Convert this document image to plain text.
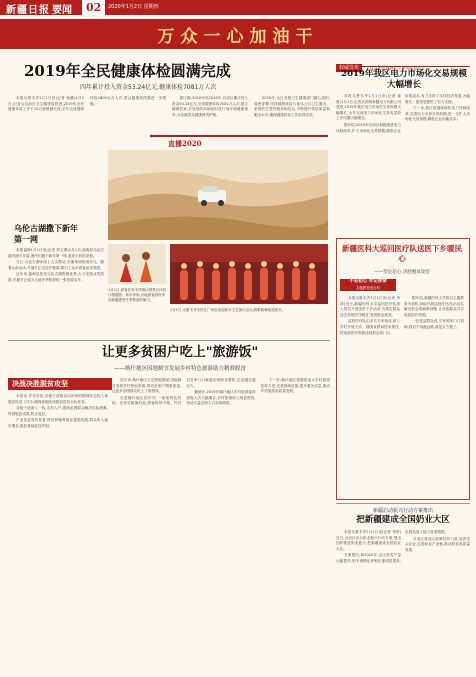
新疆日报	02
要闻	2020年1月2日 星期四
万众一心加油干
2019年全民健康体检圆满完成
四年累计投入资金53.24亿元,健康体检7081万人次

本报乌鲁木齐1月1日讯(记者 杨薇)1月1日,记者从自治区卫生健康委获悉,2019年全民健康体检工作于12月底圆满完成,全年完成健康体检1800余万人次,群众健康获得感进一步增强。

据了解,2016年至2019年,自治区累计投入资金53.24亿元,完成健康体检7081万人次,建立健康档案,对发现的疾病及时进行治疗和健康指导,为各族群众健康保驾护航。

2019年,全区各级卫生健康部门精心组织,周密部署,坚持健康体检与基本公共卫生服务、家庭医生签约服务相结合,不断提升体检质量和服务水平,确保健康体检工作取得实效。

权威发布 · 在自治区保障民生新闻发布会上
2019年我区电力市场化交易规模大幅增长

本报乌鲁木齐1月1日讯(记者 崔蕾)1月1日,记者从国网新疆电力有限公司获悉,2019年我区电力市场化交易规模大幅增长,全年完成电力市场化交易电量较上年同期大幅增长。

据介绍,2019年自治区积极推进电力体制改革,扩大市场化交易规模,降低企业用电成本,有力支持了实体经济发展,为稳增长、促发展提供了有力支撑。

下一步,我区将继续深化电力体制改革,完善电力市场交易机制,进一步扩大市场化交易规模,降低企业用能成本。

直播2020
1月1日,游客在库木塔格沙漠景区体验沙漠越野。新年伊始,各地游客纷纷来到新疆感受冬季旅游的魅力。
1月1日,乌鲁木齐市民在广场参加迎新年文艺演出活动,载歌载舞欢度新年。
乌伦古湖撒下新年第一网

本报福海1月1日电(记者 郭玉琳)1月1日,福海县乌伦古湖冬捕节开幕,渔民们撒下新年第一网,迎来丰收的喜悦。

当日,乌伦古湖冰面上人头攒动,冬捕现场热闹非凡。随着头鱼出冰,冬捕节正式拉开帷幕,吸引了众多游客前来观看。

近年来,福海县依托乌伦古湖资源优势,大力发展冰雪旅游,冬捕节已成为当地冬季旅游的一张亮丽名片。

新疆医科大巡回医疗队送医下乡暖民心
——坚定信心 决胜脱贫攻坚
不忘初心 牢记使命
主题教育进行时

本报乌鲁木齐1月1日讯(记者 李萍)近日,新疆医科大学巡回医疗队深入基层开展送医下乡活动,为基层群众送去优质医疗服务,受到群众欢迎。

巡回医疗队由多名专家组成,深入乡村开展义诊、健康宣教和技术帮扶,把优质医疗资源送到群众家门口。

据介绍,新疆医科大学将以主题教育为契机,持续开展巡回医疗活动,切实解决群众看病难问题,让各族群众共享优质医疗资源。

一位受益群众说,专家到家门口看病,我们不用跑远路,真是太方便了。

让更多贫困户吃上"旅游饭"
——喀什地区因地制宜发展乡村特色旅游助力精准脱贫
决战决胜脱贫攻坚

本报讯 岁末年初,各地干部群众以昂扬的精神状态投入到脱贫攻坚工作中,确保如期完成脱贫攻坚目标任务。

各级干部深入一线,走村入户,帮助贫困群众解决实际困难,巩固脱贫成果,防止返贫。

产业扶贫成效显著,特色种植养殖业蓬勃发展,群众收入稳步增长,脱贫基础更加牢固。

近年来,喀什地区立足资源禀赋,因地制宜发展乡村特色旅游,带动贫困户增收致富,让更多贫困群众吃上了旅游饭。

走进喀什地区的乡村,一座座特色民宿、农家乐错落有致,游客络绎不绝。村民们在家门口就能实现就业增收,生活越过越红火。

据统计,2019年喀什地区乡村旅游接待游客人次大幅增长,乡村旅游收入明显提高,带动大量贫困人口实现增收。

下一步,喀什地区将继续加大乡村旅游扶持力度,完善基础设施,提升服务质量,推动乡村旅游高质量发展。

新疆启动振兴行动方案推出
把新疆建成全国奶业大区

本报乌鲁木齐1月1日讯(记者 李婷)近日,自治区出台奶业振兴行动方案,提出加快推进奶业振兴,把新疆建成全国奶业大区。

方案提出,到2025年,全区奶类产量大幅提升,奶牛规模化养殖比重明显提高,乳制品加工能力显著增强。

自治区将加大政策扶持力度,培育龙头企业,完善奶业产业链,推动奶业高质量发展。
